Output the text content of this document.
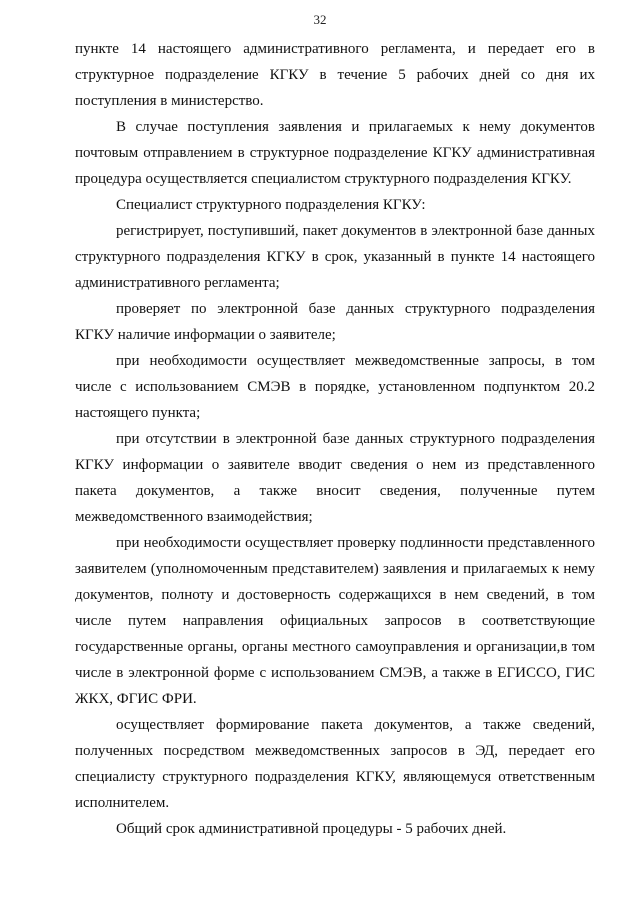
32

пункте 14 настоящего административного регламента, и передает его в структурное подразделение КГКУ в течение 5 рабочих дней со дня их поступления в министерство.

В случае поступления заявления и прилагаемых к нему документов почтовым отправлением в структурное подразделение КГКУ административная процедура осуществляется специалистом структурного подразделения КГКУ.

Специалист структурного подразделения КГКУ:

регистрирует, поступивший, пакет документов в электронной базе данных структурного подразделения КГКУ в срок, указанный в пункте 14 настоящего административного регламента;

проверяет по электронной базе данных структурного подразделения КГКУ наличие информации о заявителе;

при необходимости осуществляет межведомственные запросы, в том числе с использованием СМЭВ в порядке, установленном подпунктом 20.2 настоящего пункта;

при отсутствии в электронной базе данных структурного подразделения КГКУ информации о заявителе вводит сведения о нем из представленного пакета документов, а также вносит сведения, полученные путем межведомственного взаимодействия;

при необходимости осуществляет проверку подлинности представленного заявителем (уполномоченным представителем) заявления и прилагаемых к нему документов, полноту и достоверность содержащихся в нем сведений, в том числе путем направления официальных запросов в соответствующие государственные органы, органы местного самоуправления и организации,в том числе в электронной форме с использованием СМЭВ, а также в ЕГИССО, ГИС ЖКХ, ФГИС ФРИ.

осуществляет формирование пакета документов, а также сведений, полученных посредством межведомственных запросов в ЭД, передает его специалисту структурного подразделения КГКУ, являющемуся ответственным исполнителем.

Общий срок административной процедуры - 5 рабочих дней.
